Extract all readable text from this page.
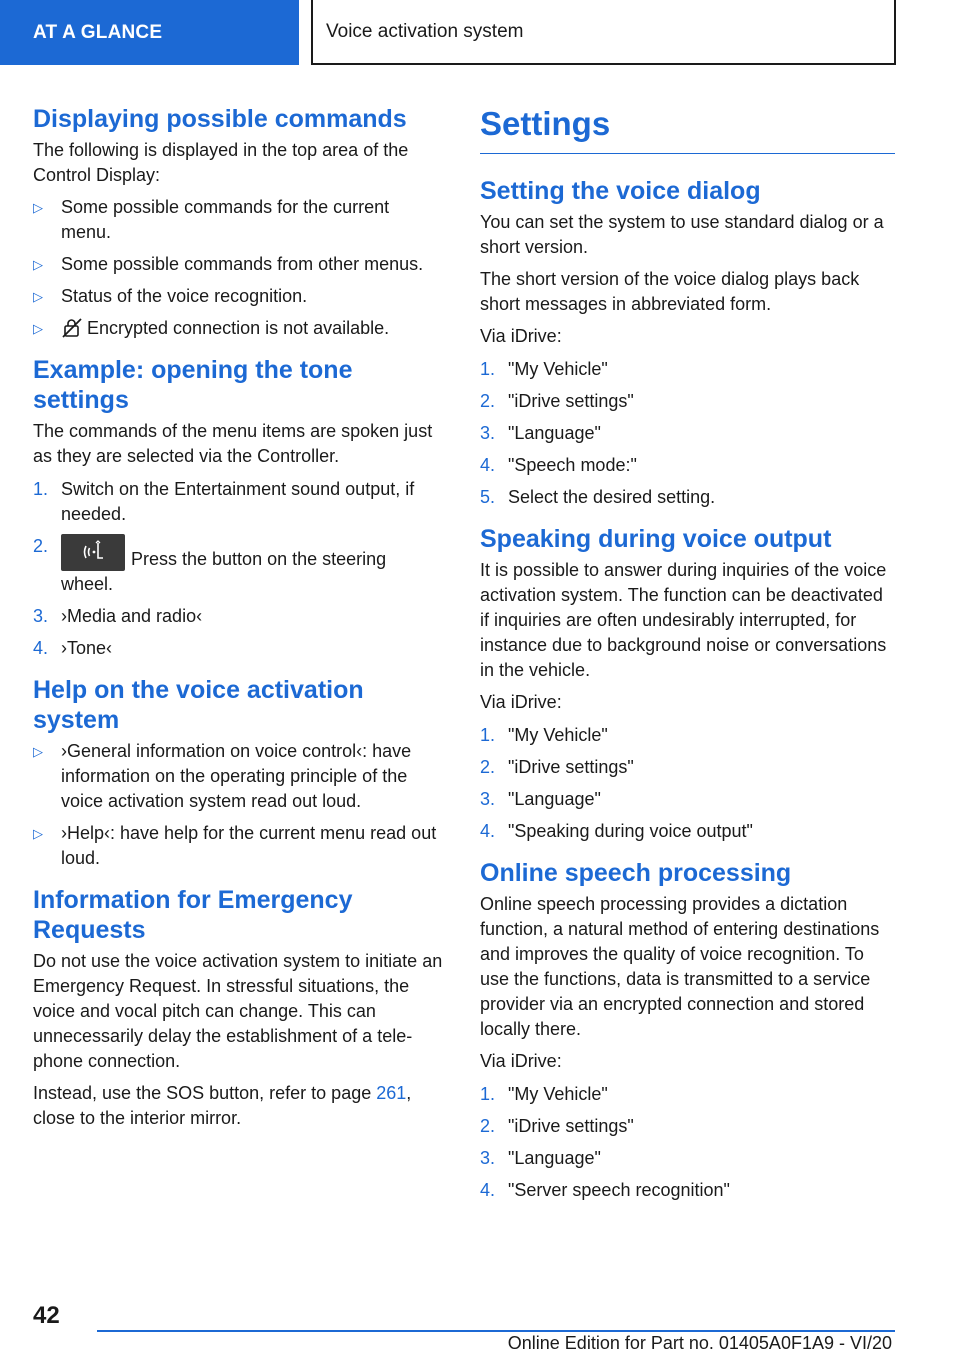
AT A GLANCE	Voice activation system
Displaying possible commands

The following is displayed in the top area of the Control Display:

▷ Some possible commands for the current menu.
▷ Some possible commands from other menus.
▷ Status of the voice recognition.
▷ Encrypted connection is not available.
Example: opening the tone settings

The commands of the menu items are spoken just as they are selected via the Controller.

1. Switch on the Entertainment sound output, if needed.
2.
Press the button on the steering wheel.
3. ›Media and radio‹
4. ›Tone‹
Help on the voice activation system
▷ ›General information on voice control‹: have information on the operating principle of the voice activation system read out loud.
▷ ›Help‹: have help for the current menu read out loud.
Information for Emergency Requests

Do not use the voice activation system to initiate an Emergency Request. In stressful situations, the voice and vocal pitch can change. This can unnecessarily delay the establishment of a telephone connection.

Instead, use the SOS button, refer to page 261, close to the interior mirror.

Settings
Setting the voice dialog

You can set the system to use standard dialog or a short version.

The short version of the voice dialog plays back short messages in abbreviated form.

Via iDrive:

1. "My Vehicle"
2. "iDrive settings"
3. "Language"
4. "Speech mode:"
5. Select the desired setting.
Speaking during voice output

It is possible to answer during inquiries of the voice activation system. The function can be deactivated if inquiries are often undesirably interrupted, for instance due to background noise or conversations in the vehicle.

Via iDrive:

1. "My Vehicle"
2. "iDrive settings"
3. "Language"
4. "Speaking during voice output"
Online speech processing

Online speech processing provides a dictation function, a natural method of entering destinations and improves the quality of voice recognition. To use the functions, data is transmitted to a service provider via an encrypted connection and stored locally there.

Via iDrive:

1. "My Vehicle"
2. "iDrive settings"
3. "Language"
4. "Server speech recognition"
42
Online Edition for Part no. 01405A0F1A9 - VI/20
